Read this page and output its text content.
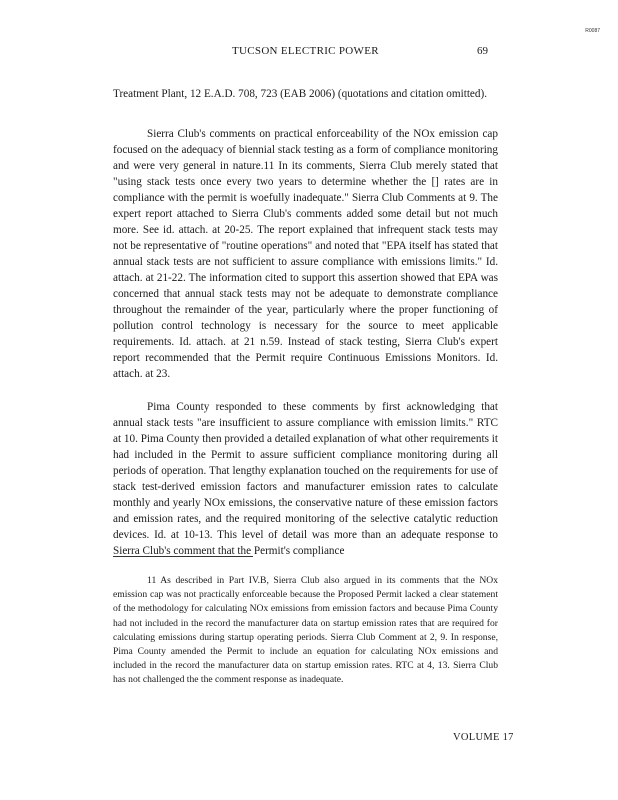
R0087
TUCSON ELECTRIC POWER	69

Treatment Plant, 12 E.A.D. 708, 723 (EAB 2006) (quotations and citation omitted).

Sierra Club's comments on practical enforceability of the NOx emission cap focused on the adequacy of biennial stack testing as a form of compliance monitoring and were very general in nature.11 In its comments, Sierra Club merely stated that "using stack tests once every two years to determine whether the [] rates are in compliance with the permit is woefully inadequate." Sierra Club Comments at 9. The expert report attached to Sierra Club's comments added some detail but not much more. See id. attach. at 20-25. The report explained that infrequent stack tests may not be representative of "routine operations" and noted that "EPA itself has stated that annual stack tests are not sufficient to assure compliance with emissions limits." Id. attach. at 21-22. The information cited to support this assertion showed that EPA was concerned that annual stack tests may not be adequate to demonstrate compliance throughout the remainder of the year, particularly where the proper functioning of pollution control technology is necessary for the source to meet applicable requirements. Id. attach. at 21 n.59. Instead of stack testing, Sierra Club's expert report recommended that the Permit require Continuous Emissions Monitors. Id. attach. at 23.

Pima County responded to these comments by first acknowledging that annual stack tests "are insufficient to assure compliance with emission limits." RTC at 10. Pima County then provided a detailed explanation of what other requirements it had included in the Permit to assure sufficient compliance monitoring during all periods of operation. That lengthy explanation touched on the requirements for use of stack test-derived emission factors and manufacturer emission rates to calculate monthly and yearly NOx emissions, the conservative nature of these emission factors and emission rates, and the required monitoring of the selective catalytic reduction devices. Id. at 10-13. This level of detail was more than an adequate response to Sierra Club's comment that the Permit's compliance

11 As described in Part IV.B, Sierra Club also argued in its comments that the NOx emission cap was not practically enforceable because the Proposed Permit lacked a clear statement of the methodology for calculating NOx emissions from emission factors and because Pima County had not included in the record the manufacturer data on startup emission rates that are required for calculating emissions during startup operating periods. Sierra Club Comment at 2, 9. In response, Pima County amended the Permit to include an equation for calculating NOx emissions and included in the record the manufacturer data on startup emission rates. RTC at 4, 13. Sierra Club has not challenged the the comment response as inadequate.
VOLUME 17
